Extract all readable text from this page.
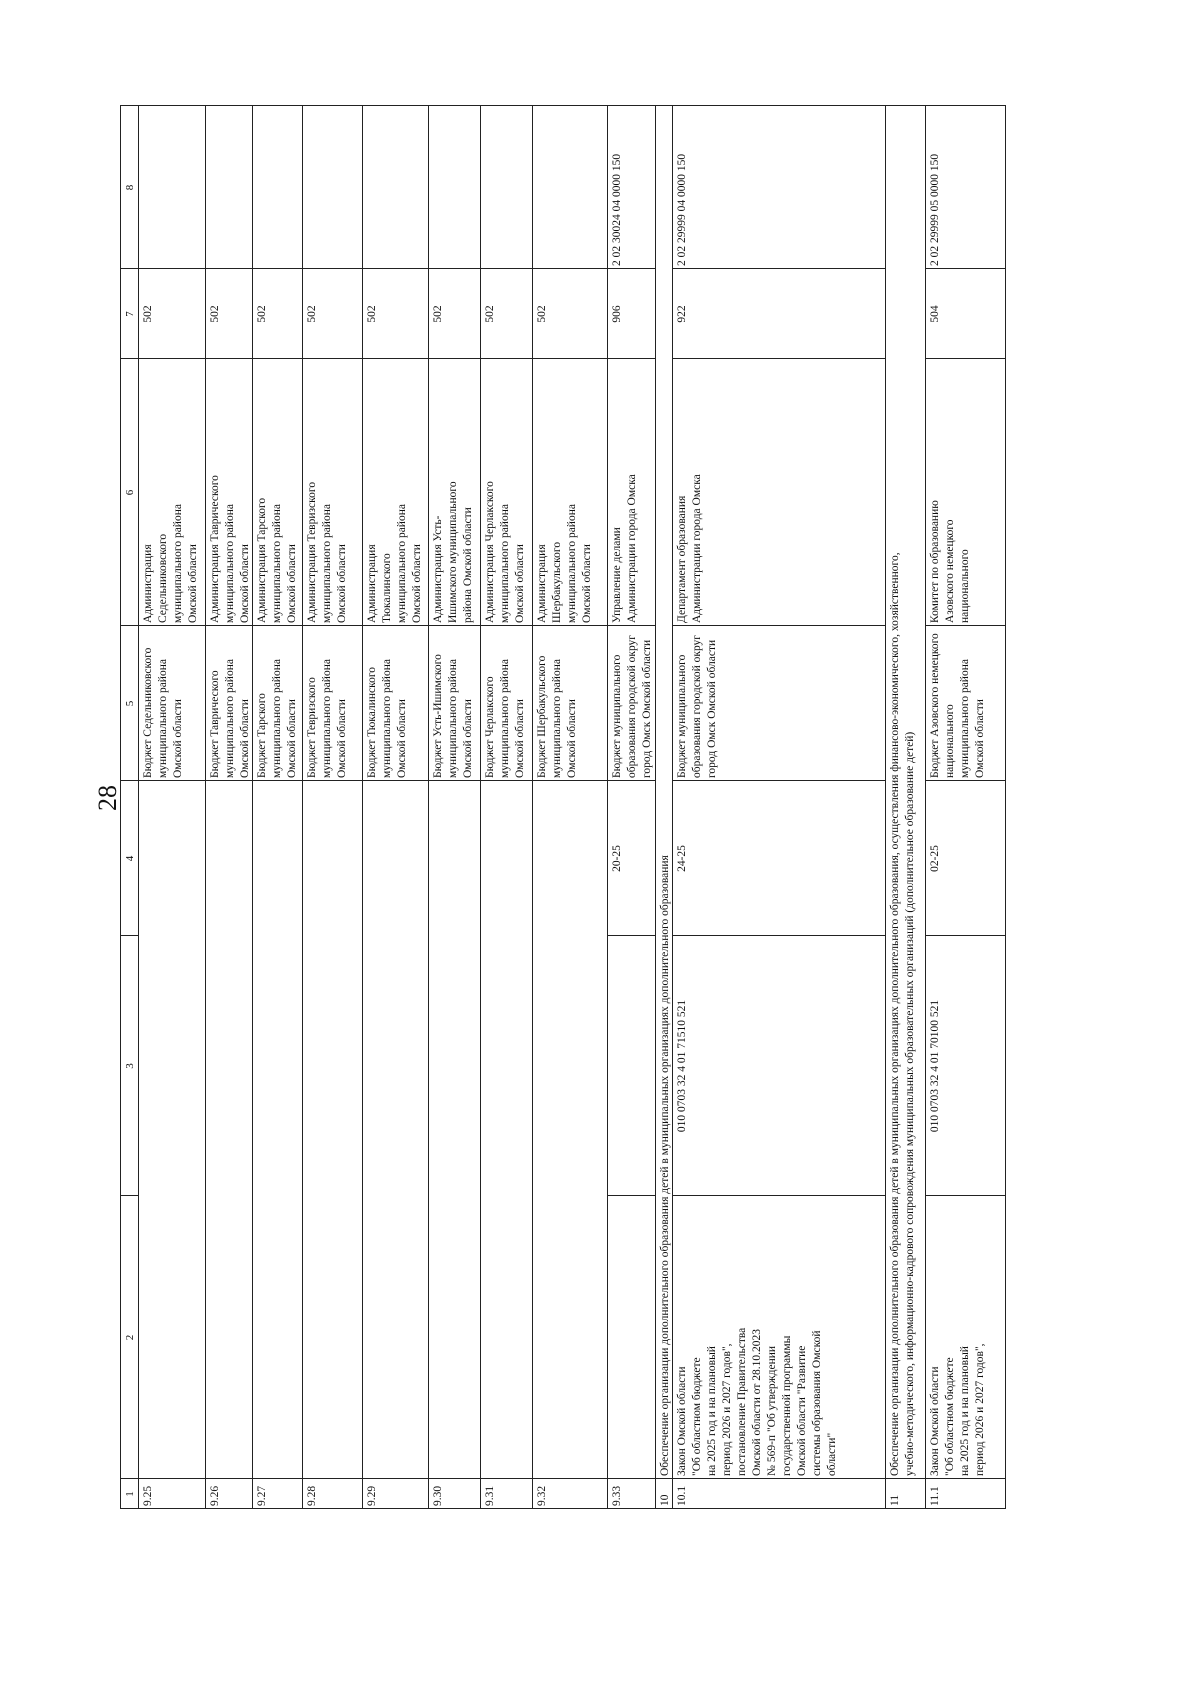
28
1
2
3
4
5
6
7
8
9.25
Бюджет Седельниковского
муниципального района
Омской области
Администрация
Седельниковского
муниципального района
Омской области
502
9.26
Бюджет Таврического
муниципального района
Омской области
Администрация Таврического
муниципального района
Омской области
502
9.27
Бюджет Тарского
муниципального района
Омской области
Администрация Тарского
муниципального района
Омской области
502
9.28
Бюджет Тевризского
муниципального района
Омской области
Администрация Тевризского
муниципального района
Омской области
502
9.29
Бюджет Тюкалинского
муниципального района
Омской области
Администрация
Тюкалинского
муниципального района
Омской области
502
9.30
Бюджет Усть-Ишимского
муниципального района
Омской области
Администрация Усть-
Ишимского муниципального
района Омской области
502
9.31
Бюджет Черлакского
муниципального района
Омской области
Администрация Черлакского
муниципального района
Омской области
502
9.32
Бюджет Шербакульского
муниципального района
Омской области
Администрация
Шербакульского
муниципального района
Омской области
502
9.33
20-25
Бюджет муниципального
образования городской округ
город Омск Омской области
Управление делами
Администрации города Омска
906
2 02 30024 04 0000 150
10
Обеспечение организации дополнительного образования детей в муниципальных организациях дополнительного образования
10.1
Закон Омской области
"Об областном бюджете
на 2025 год и на плановый
период 2026 и 2027 годов",
постановление Правительства
Омской области от 28.10.2023
№ 569-п "Об утверждении
государственной программы
Омской области "Развитие
системы образования Омской
области"
010 0703 32 4 01 71510 521
24-25
Бюджет муниципального
образования городской округ
город Омск Омской области
Департамент образования
Администрации города Омска
922
2 02 29999 04 0000 150
11
Обеспечение организации дополнительного образования детей в муниципальных организациях дополнительного образования, осуществления финансово-экономического, хозяйственного,
учебно-методического, информационно-кадрового сопровождения муниципальных образовательных организаций (дополнительное образование детей)
11.1
Закон Омской области
"Об областном бюджете
на 2025 год и на плановый
период 2026 и 2027 годов",
010 0703 32 4 01 70100 521
02-25
Бюджет Азовского немецкого
национального
муниципального района
Омской области
Комитет по образованию
Азовского немецкого
национального
504
2 02 29999 05 0000 150
